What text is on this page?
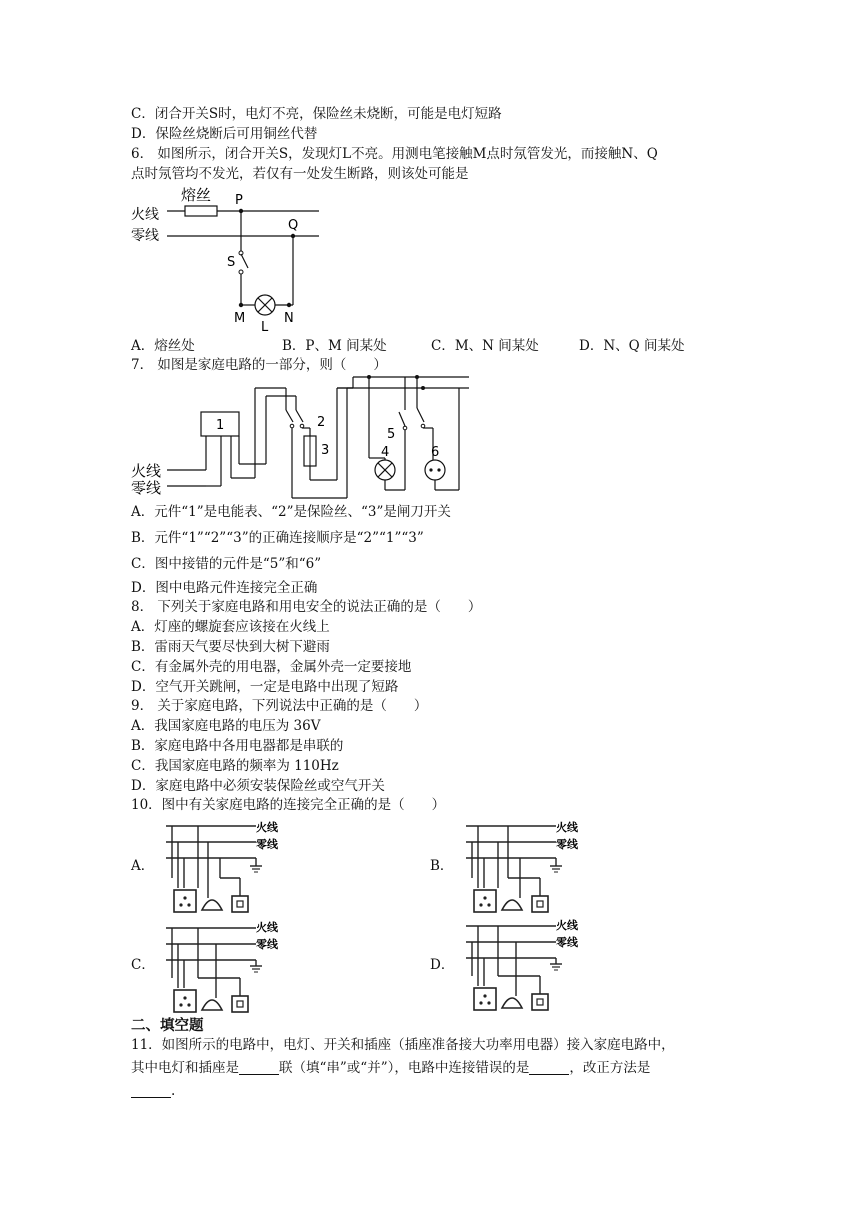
C．闭合开关S时，电灯不亮，保险丝未烧断，可能是电灯短路
D．保险丝烧断后可用铜丝代替
6． 如图所示，闭合开关S，发现灯L不亮。用测电笔接触M点时氖管发光，而接触N、Q
点时氖管均不发光，若仅有一处发生断路，则该处可能是
熔丝
火线
零线
P
Q
S
M
L
N
A．熔丝处	B．P、M 间某处	C．M、N 间某处	D．N、Q 间某处
7． 如图是家庭电路的一部分，则（　　）
火线
零线
1	2
3	4
5
6
A．元件“1”是电能表、“2”是保险丝、“3”是闸刀开关
B．元件“1”“2”“3”的正确连接顺序是“2”“1”“3”
C．图中接错的元件是“5”和“6”
D．图中电路元件连接完全正确
8． 下列关于家庭电路和用电安全的说法正确的是（　　）
A．灯座的螺旋套应该接在火线上
B．雷雨天气要尽快到大树下避雨
C．有金属外壳的用电器，金属外壳一定要接地
D．空气开关跳闸，一定是电路中出现了短路
9． 关于家庭电路，下列说法中正确的是（　　）
A．我国家庭电路的电压为 36V
B．家庭电路中各用电器都是串联的
C．我国家庭电路的频率为 110Hz
D．家庭电路中必须安装保险丝或空气开关
10．图中有关家庭电路的连接完全正确的是（　　）
A．	B．
C．	D．
火线
零线
火线
零线
火线
零线
火线
零线
二、填空题
11．如图所示的电路中，电灯、开关和插座（插座准备接大功率用电器）接入家庭电路中，
其中电灯和插座是	联（填“串”或“并”），电路中连接错误的是	，改正方法是
.
